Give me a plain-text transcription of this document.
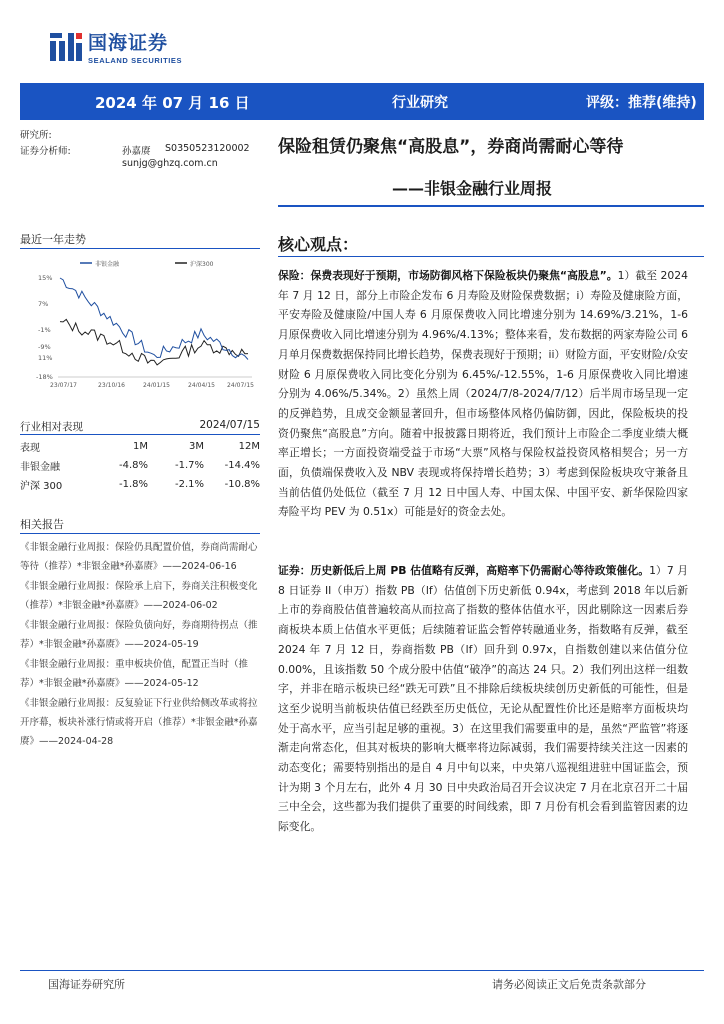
国海证券
SEALAND SECURITIES
2024 年 07 月 16 日	行业研究	评级：推荐(维持)
研究所:
证券分析师:	孙嘉赓 S0350523120002
sunjg@ghzq.com.cn
保险租赁仍聚焦“高股息”，券商尚需耐心等待
——非银金融行业周报
最近一年走势
非银金融	沪深300
15%
7%
-1%
-9%
11%
-18%
23/07/17	23/10/16	24/01/15	24/04/15 24/07/15
行业相对表现	2024/07/15
表现	1M	3M	12M
非银金融	-4.8%	-1.7%	-14.4%
沪深 300	-1.8%	-2.1%	-10.8%
相关报告
《非银金融行业周报：保险仍具配置价值，券商尚需耐心等待（推荐）*非银金融*孙嘉赓》——2024-06-16
《非银金融行业周报：保险承上启下，券商关注积极变化（推荐）*非银金融*孙嘉赓》——2024-06-02
《非银金融行业周报：保险负债向好，券商期待拐点（推荐）*非银金融*孙嘉赓》——2024-05-19
《非银金融行业周报：重申板块价值，配置正当时（推荐）*非银金融*孙嘉赓》——2024-05-12
《非银金融行业周报：反复验证下行业供给侧改革或将拉开序幕，板块补涨行情或将开启（推荐）*非银金融*孙嘉赓》——2024-04-28
核心观点：
保险：保费表现好于预期，市场防御风格下保险板块仍聚焦“高股息”。1）截至 2024 年 7 月 12 日，部分上市险企发布 6 月寿险及财险保费数据；i）寿险及健康险方面，平安寿险及健康险/中国人寿 6 月原保费收入同比增速分别为 14.69%/3.21%，1-6 月原保费收入同比增速分别为 4.96%/4.13%；整体来看，发布数据的两家寿险公司 6 月单月保费数据保持同比增长趋势，保费表现好于预期；ii）财险方面，平安财险/众安财险 6 月原保费收入同比变化分别为 6.45%/-12.55%，1-6 月原保费收入同比增速分别为 4.06%/5.34%。2）虽然上周（2024/7/8-2024/7/12）后半周市场呈现一定的反弹趋势，且成交金额显著回升，但市场整体风格仍偏防御，因此，保险板块的投资仍聚焦“高股息”方向。随着中报披露日期将近，我们预计上市险企二季度业绩大概率正增长；一方面投资端受益于市场“大票”风格与保险权益投资风格相契合；另一方面，负债端保费收入及 NBV 表现或将保持增长趋势；3）考虑到保险板块攻守兼备且当前估值仍处低位（截至 7 月 12 日中国人寿、中国太保、中国平安、新华保险四家寿险平均 PEV 为 0.51x）可能是好的资金去处。
证券：历史新低后上周 PB 估值略有反弹，高赔率下仍需耐心等待政策催化。1）7 月 8 日证券 II（申万）指数 PB（lf）估值创下历史新低 0.94x，考虑到 2018 年以后新上市的券商股估值普遍较高从而拉高了指数的整体估值水平，因此剔除这一因素后券商板块本质上估值水平更低；后续随着证监会暂停转融通业务，指数略有反弹，截至 2024 年 7 月 12 日，券商指数 PB（lf）回升到 0.97x，自指数创建以来估值分位 0.00%，且该指数 50 个成分股中估值“破净”的高达 24 只。2）我们列出这样一组数字，并非在暗示板块已经“跌无可跌”且不排除后续板块续创历史新低的可能性，但是这至少说明当前板块估值已经跌至历史低位，无论从配置性价比还是赔率方面板块均处于高水平，应当引起足够的重视。3）在这里我们需要重申的是，虽然“严监管”将逐渐走向常态化，但其对板块的影响大概率将边际减弱，我们需要持续关注这一因素的动态变化；需要特别指出的是自 4 月中旬以来，中央第八巡视组进驻中国证监会，预计为期 3 个月左右，此外 4 月 30 日中央政治局召开会议决定 7 月在北京召开二十届三中全会，这些都为我们提供了重要的时间线索，即 7 月份有机会看到监管因素的边际变化。
国海证券研究所	请务必阅读正文后免责条款部分
